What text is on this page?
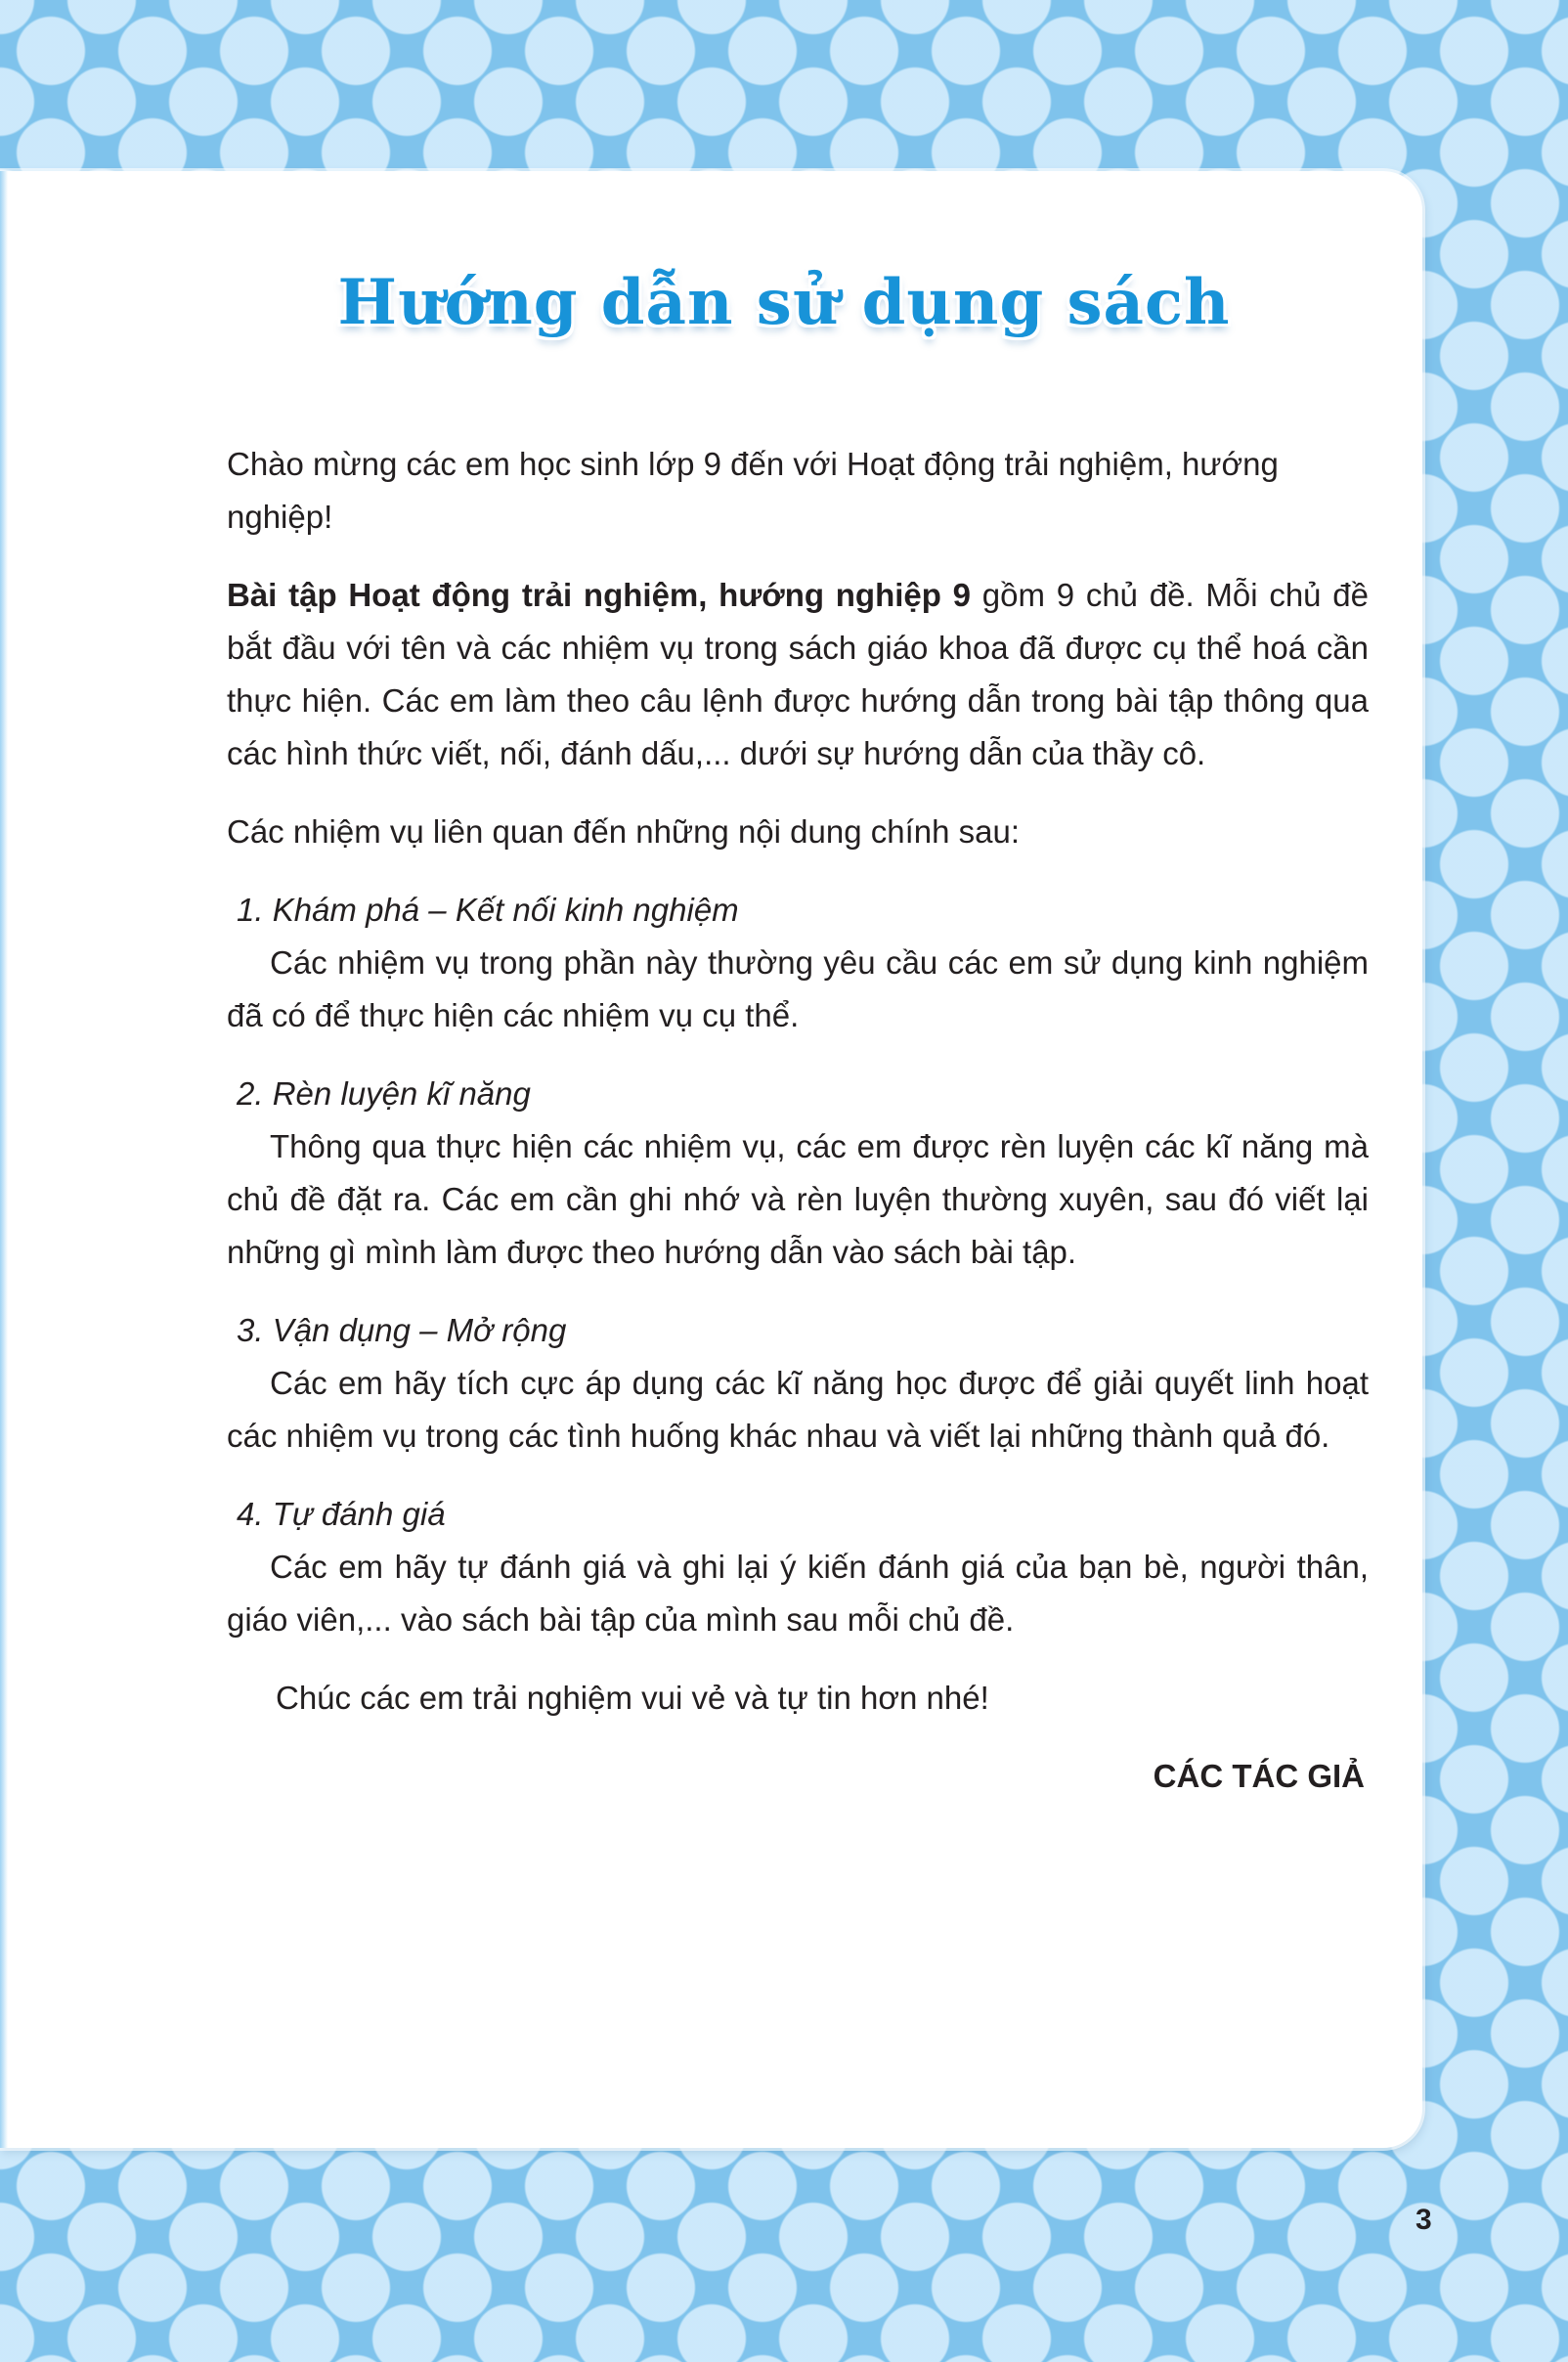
Hướng dẫn sử dụng sách

Chào mừng các em học sinh lớp 9 đến với Hoạt động trải nghiệm, hướng nghiệp!

Bài tập Hoạt động trải nghiệm, hướng nghiệp 9 gồm 9 chủ đề. Mỗi chủ đề bắt đầu với tên và các nhiệm vụ trong sách giáo khoa đã được cụ thể hoá cần thực hiện. Các em làm theo câu lệnh được hướng dẫn trong bài tập thông qua các hình thức viết, nối, đánh dấu,... dưới sự hướng dẫn của thầy cô.

Các nhiệm vụ liên quan đến những nội dung chính sau:

1. Khám phá – Kết nối kinh nghiệm

Các nhiệm vụ trong phần này thường yêu cầu các em sử dụng kinh nghiệm đã có để thực hiện các nhiệm vụ cụ thể.

2. Rèn luyện kĩ năng

Thông qua thực hiện các nhiệm vụ, các em được rèn luyện các kĩ năng mà chủ đề đặt ra. Các em cần ghi nhớ và rèn luyện thường xuyên, sau đó viết lại những gì mình làm được theo hướng dẫn vào sách bài tập.

3. Vận dụng – Mở rộng

Các em hãy tích cực áp dụng các kĩ năng học được để giải quyết linh hoạt các nhiệm vụ trong các tình huống khác nhau và viết lại những thành quả đó.

4. Tự đánh giá

Các em hãy tự đánh giá và ghi lại ý kiến đánh giá của bạn bè, người thân, giáo viên,... vào sách bài tập của mình sau mỗi chủ đề.

Chúc các em trải nghiệm vui vẻ và tự tin hơn nhé!

CÁC TÁC GIẢ

3
